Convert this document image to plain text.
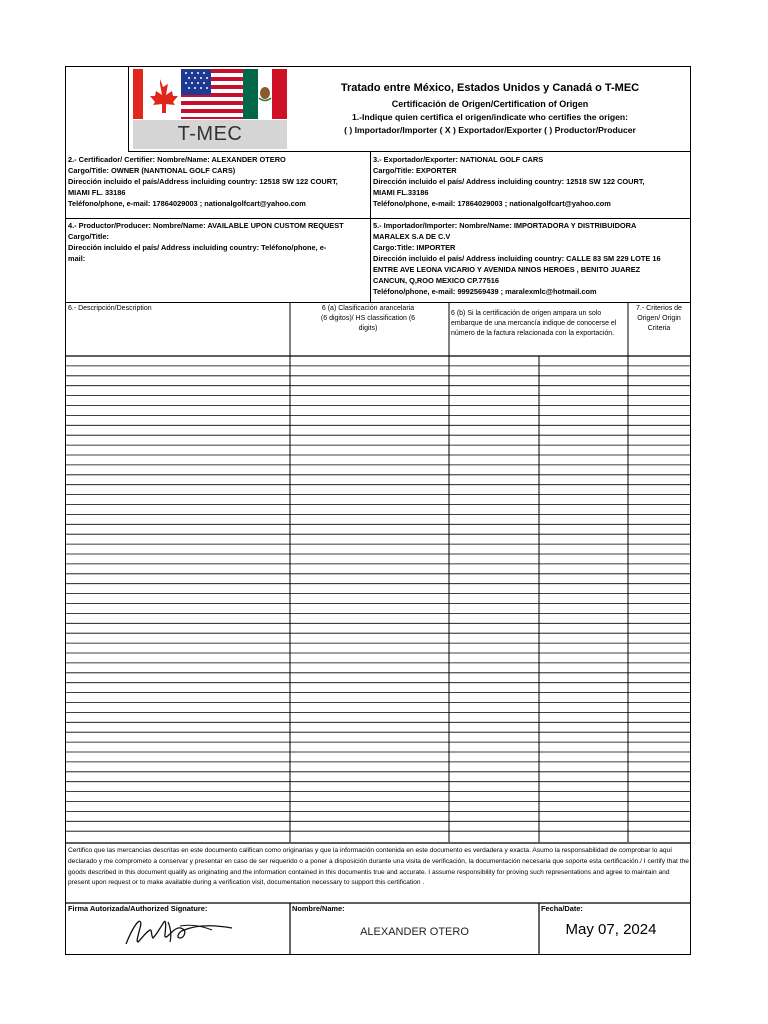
T-MEC
Tratado entre México, Estados Unidos y Canadá o T-MEC
Certificación de Origen/Certification of Origen
1.-Indique quien certifica el origen/indicate who certifies the origen:
( ) Importador/Importer ( X ) Exportador/Exporter ( ) Productor/Producer

2.- Certificador/ Certifier: Nombre/Name: ALEXANDER OTERO

Cargo/Title: OWNER (NANTIONAL GOLF CARS)

Dirección incluido el país/Address incluiding country: 12518 SW 122 COURT,

MIAMI FL. 33186

Teléfono/phone, e-mail: 17864029003 ; nationalgolfcart@yahoo.com

3.- Exportador/Exporter: NATIONAL GOLF CARS

Cargo/Title: EXPORTER

Dirección incluido el país/ Address incluiding country: 12518 SW 122 COURT,

MIAMI FL.33186

Teléfono/phone, e-mail: 17864029003 ; nationalgolfcart@yahoo.com

4.- Productor/Producer: Nombre/Name: AVAILABLE UPON CUSTOM REQUEST

Cargo/Title:

Dirección incluido el país/ Address incluiding country: Teléfono/phone, e-

mail:

5.- Importador/Importer: Nombre/Name: IMPORTADORA Y DISTRIBUIDORA

MARALEX S.A DE C.V

Cargo:Title: IMPORTER

Dirección incluido el país/ Address incluiding country: CALLE 83 SM 229 LOTE 16

ENTRE AVE LEONA VICARIO Y AVENIDA NINOS HEROES , BENITO JUAREZ

CANCUN, Q,ROO MEXICO CP.77516

Teléfono/phone, e-mail: 9992569439 ; maralexmlc@hotmail.com

6.- Descripción/Description	6 (a) Clasificación arancelaria (6 digitos)/ HS classification (6 digits)
6 (b) Si la certificación de origen ampara un solo embarque de una mercancía indique de conocerse el número de la factura relacionada con la exportación.
7.- Criterios de Origen/ Origin Criteria
Certifico que las mercancías descritas en este documento califican como originarias y que la información contenida en este documento es verdadera y exacta. Asumo la responsabilidad de comprobar lo aquí declarado y me comprometo a conservar y presentar en caso de ser requerido o a poner a disposición durante una visita de verificación, la documentación necesaria que soporte esta certificación./ I certify that the goods described in this document qualify as originating and the information contained in this documentis true and accurate. I assume responsibility for proving such representations and agree to maintain and present upon request or to make available during a verification visit, documentation necessary to support this certification .
Firma Autorizada/Authorized Signature:	Nombre/Name:
ALEXANDER OTERO
Fecha/Date:
May 07, 2024
